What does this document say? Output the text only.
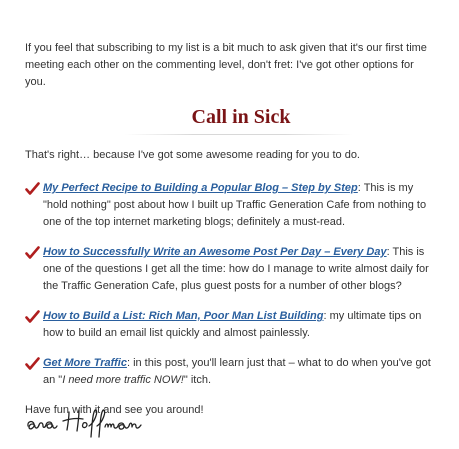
If you feel that subscribing to my list is a bit much to ask given that it's our first time meeting each other on the commenting level, don't fret: I've got other options for you.

Call in Sick

That's right… because I've got some awesome reading for you to do.

My Perfect Recipe to Building a Popular Blog – Step by Step: This is my "hold nothing" post about how I built up Traffic Generation Cafe from nothing to one of the top internet marketing blogs; definitely a must-read.
How to Successfully Write an Awesome Post Per Day – Every Day: This is one of the questions I get all the time: how do I manage to write almost daily for the Traffic Generation Cafe, plus guest posts for a number of other blogs?
How to Build a List: Rich Man, Poor Man List Building: my ultimate tips on how to build an email list quickly and almost painlessly.
Get More Traffic: in this post, you'll learn just that – what to do when you've got an "I need more traffic NOW!" itch.

Have fun with it and see you around!
